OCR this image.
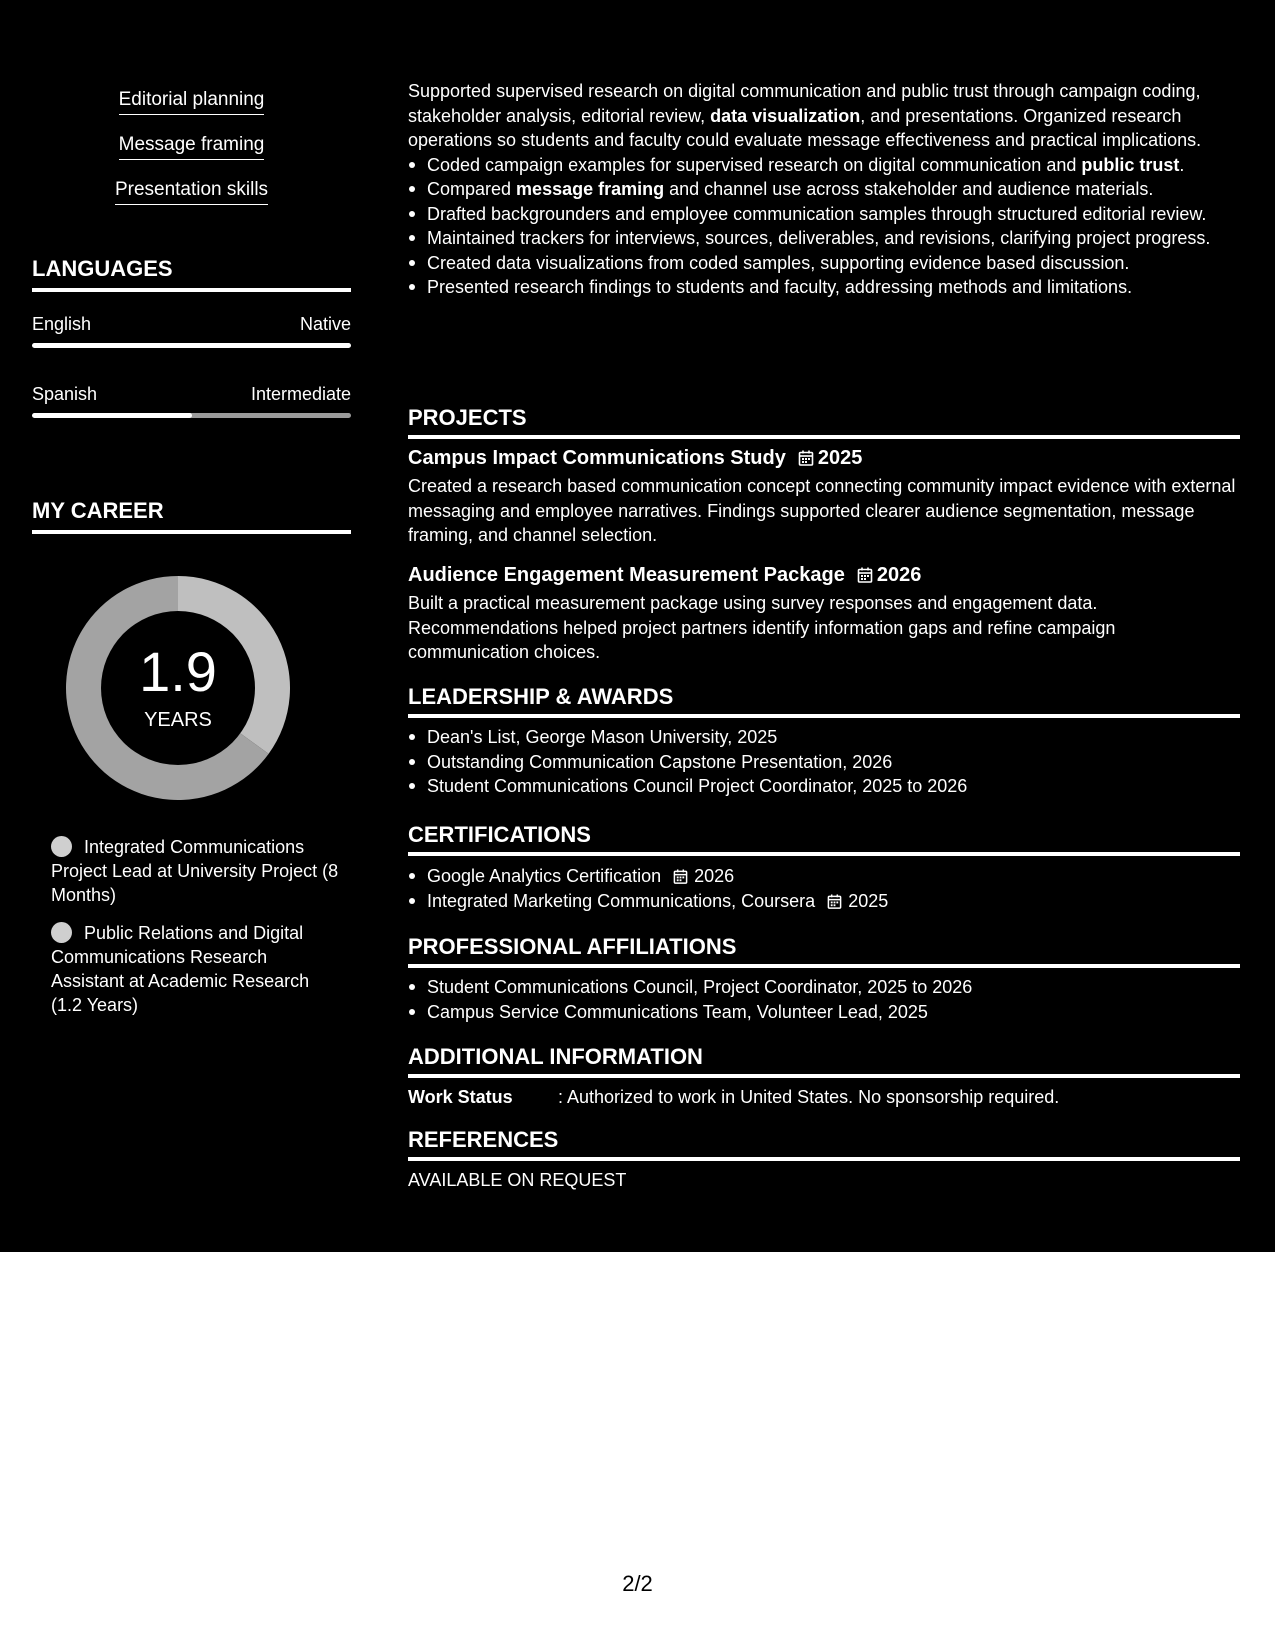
Editorial planning
Message framing
Presentation skills
LANGUAGES
English	Native
Spanish	Intermediate
MY CAREER
1.9
YEARS
Integrated Communications Project Lead at University Project (8 Months)
Public Relations and Digital Communications Research Assistant at Academic Research (1.2 Years)
Supported supervised research on digital communication and public trust through campaign coding, stakeholder analysis, editorial review, data visualization, and presentations. Organized research operations so students and faculty could evaluate message effectiveness and practical implications.
Coded campaign examples for supervised research on digital communication and public trust.
Compared message framing and channel use across stakeholder and audience materials.
Drafted backgrounders and employee communication samples through structured editorial review.
Maintained trackers for interviews, sources, deliverables, and revisions, clarifying project progress.
Created data visualizations from coded samples, supporting evidence based discussion.
Presented research findings to students and faculty, addressing methods and limitations.
PROJECTS
Campus Impact Communications Study 2025
Created a research based communication concept connecting community impact evidence with external messaging and employee narratives. Findings supported clearer audience segmentation, message framing, and channel selection.
Audience Engagement Measurement Package 2026
Built a practical measurement package using survey responses and engagement data. Recommendations helped project partners identify information gaps and refine campaign communication choices.
LEADERSHIP & AWARDS
Dean's List, George Mason University, 2025
Outstanding Communication Capstone Presentation, 2026
Student Communications Council Project Coordinator, 2025 to 2026
CERTIFICATIONS
Google Analytics Certification 2026
Integrated Marketing Communications, Coursera 2025
PROFESSIONAL AFFILIATIONS
Student Communications Council, Project Coordinator, 2025 to 2026
Campus Service Communications Team, Volunteer Lead, 2025
ADDITIONAL INFORMATION
Work Status	: Authorized to work in United States. No sponsorship required.
REFERENCES
AVAILABLE ON REQUEST
2/2
